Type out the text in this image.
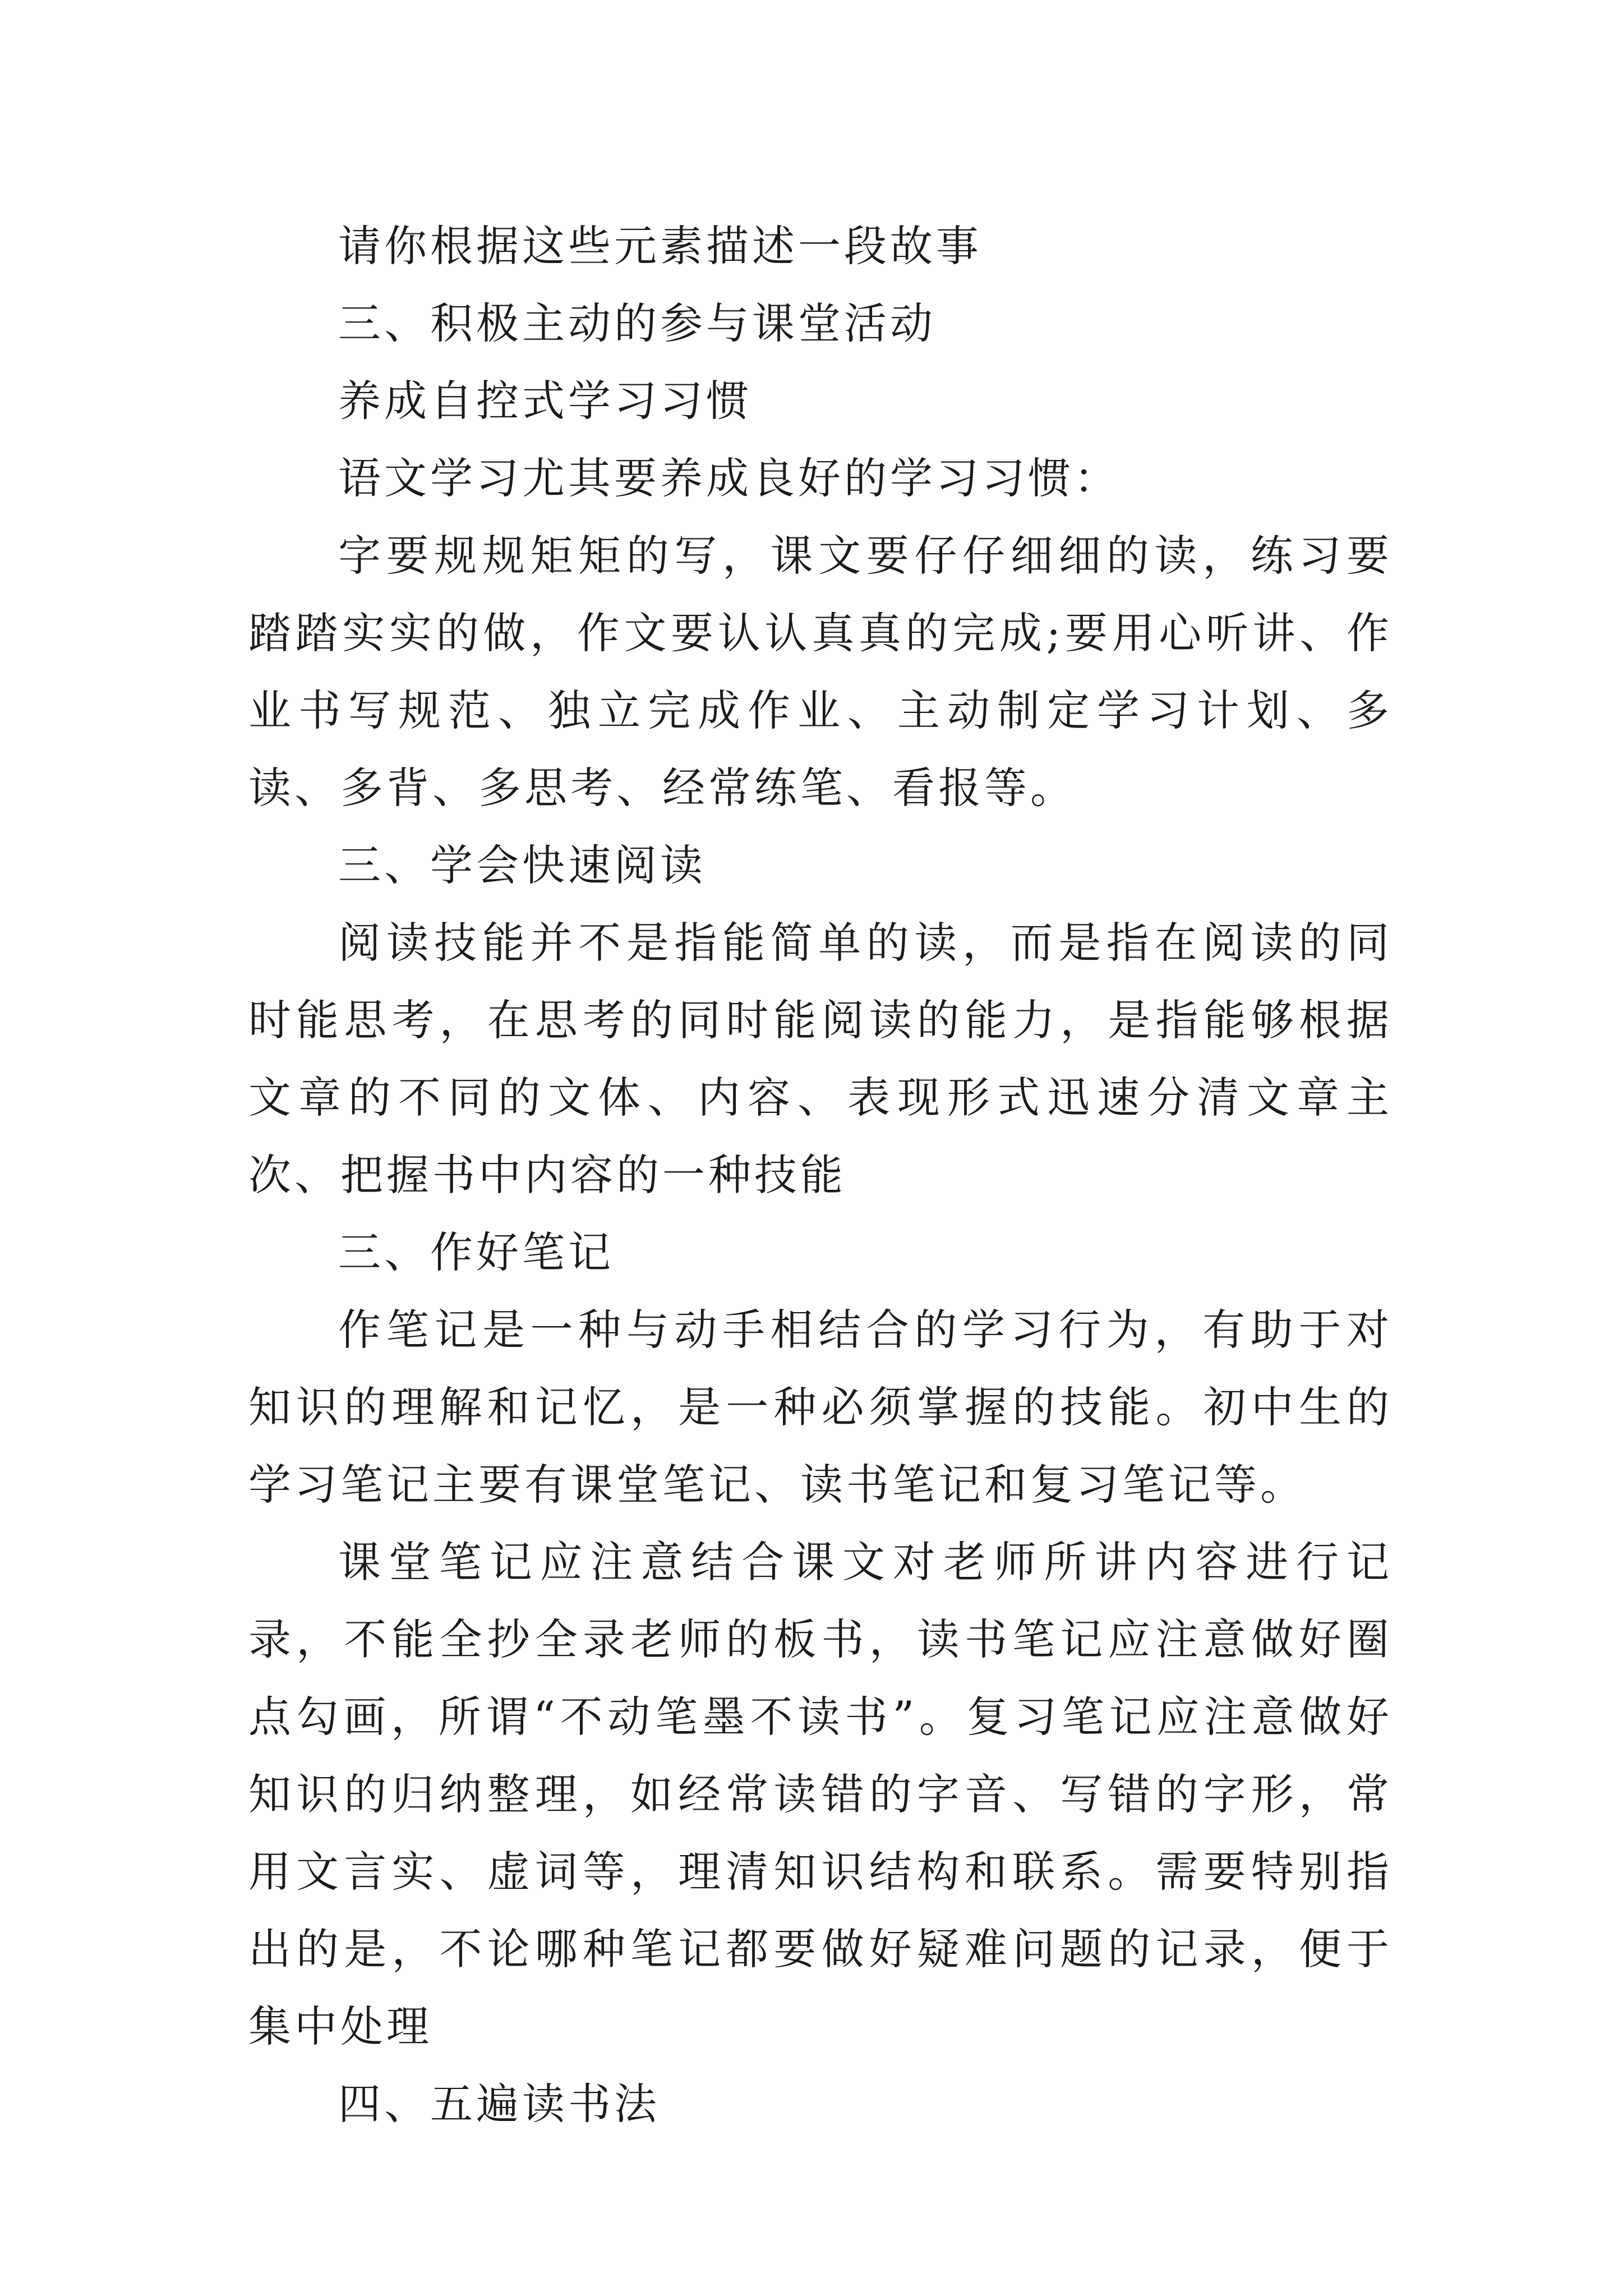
请你根据这些元素描述一段故事

三、积极主动的参与课堂活动

养成自控式学习习惯

语文学习尤其要养成良好的学习习惯：

字要规规矩矩的写，课文要仔仔细细的读，练习要踏踏实实的做，作文要认认真真的完成;要用心听讲、作业书写规范、独立完成作业、主动制定学习计划、多读、多背、多思考、经常练笔、看报等。

三、学会快速阅读

阅读技能并不是指能简单的读，而是指在阅读的同时能思考，在思考的同时能阅读的能力，是指能够根据文章的不同的文体、内容、表现形式迅速分清文章主次、把握书中内容的一种技能

三、作好笔记

作笔记是一种与动手相结合的学习行为，有助于对知识的理解和记忆，是一种必须掌握的技能。初中生的学习笔记主要有课堂笔记、读书笔记和复习笔记等。

课堂笔记应注意结合课文对老师所讲内容进行记录，不能全抄全录老师的板书，读书笔记应注意做好圈点勾画，所谓“不动笔墨不读书”。复习笔记应注意做好知识的归纳整理，如经常读错的字音、写错的字形，常用文言实、虚词等，理清知识结构和联系。需要特别指出的是，不论哪种笔记都要做好疑难问题的记录，便于集中处理

四、五遍读书法
